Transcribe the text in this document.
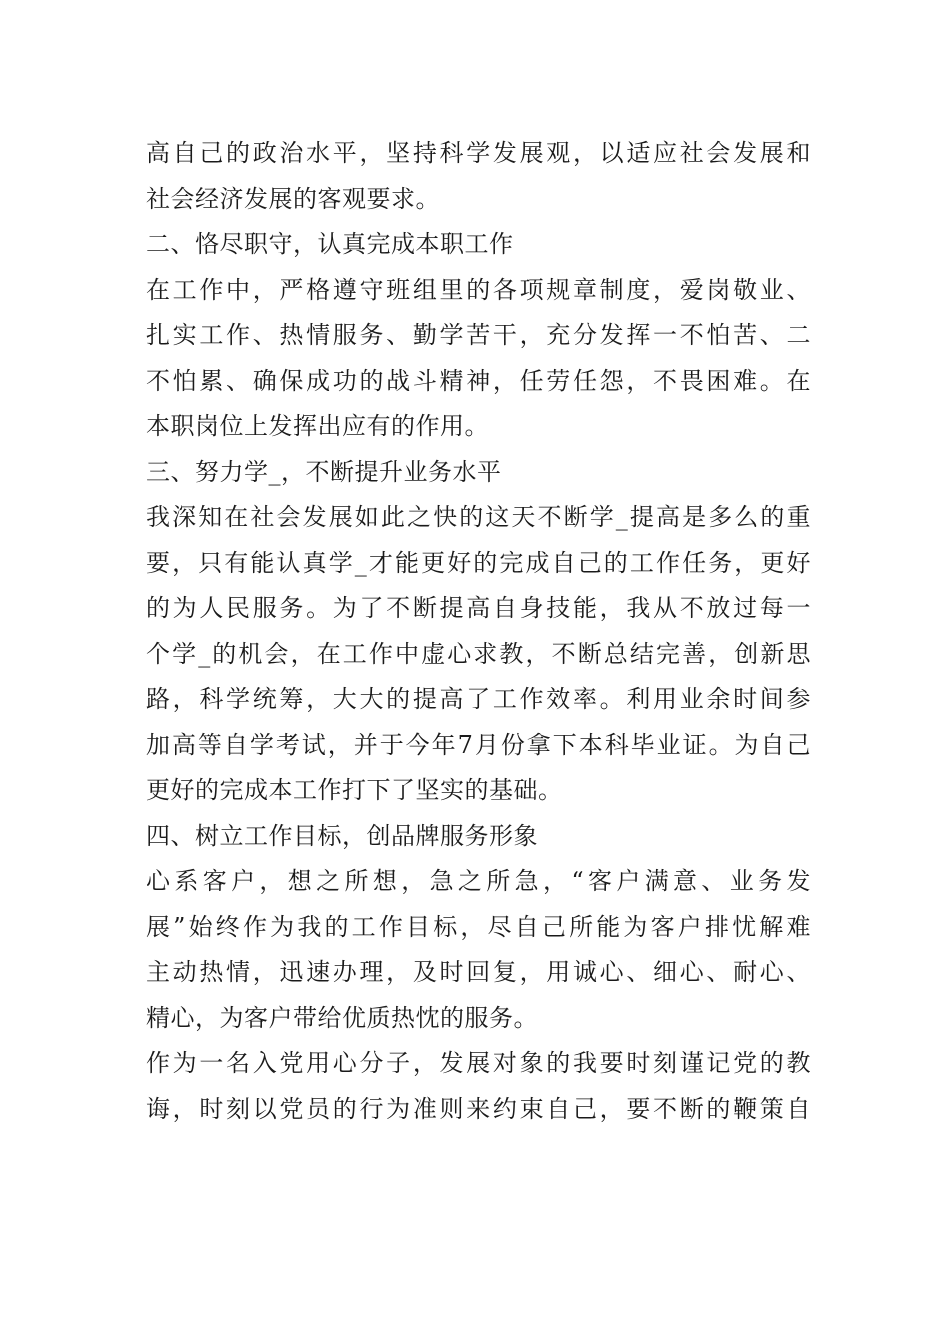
高自己的政治水平，坚持科学发展观，以适应社会发展和
社会经济发展的客观要求。
二、恪尽职守，认真完成本职工作
在工作中，严格遵守班组里的各项规章制度，爱岗敬业、
扎实工作、热情服务、勤学苦干，充分发挥一不怕苦、二
不怕累、确保成功的战斗精神，任劳任怨，不畏困难。在
本职岗位上发挥出应有的作用。
三、努力学_，不断提升业务水平
我深知在社会发展如此之快的这天不断学_提高是多么的重
要，只有能认真学_才能更好的完成自己的工作任务，更好
的为人民服务。为了不断提高自身技能，我从不放过每一
个学_的机会，在工作中虚心求教，不断总结完善，创新思
路，科学统筹，大大的提高了工作效率。利用业余时间参
加高等自学考试，并于今年7月份拿下本科毕业证。为自己
更好的完成本工作打下了坚实的基础。
四、树立工作目标，创品牌服务形象
心系客户，想之所想，急之所急，“客户满意、业务发
展”始终作为我的工作目标，尽自己所能为客户排忧解难
主动热情，迅速办理，及时回复，用诚心、细心、耐心、
精心，为客户带给优质热忱的服务。
作为一名入党用心分子，发展对象的我要时刻谨记党的教
诲，时刻以党员的行为准则来约束自己，要不断的鞭策自
